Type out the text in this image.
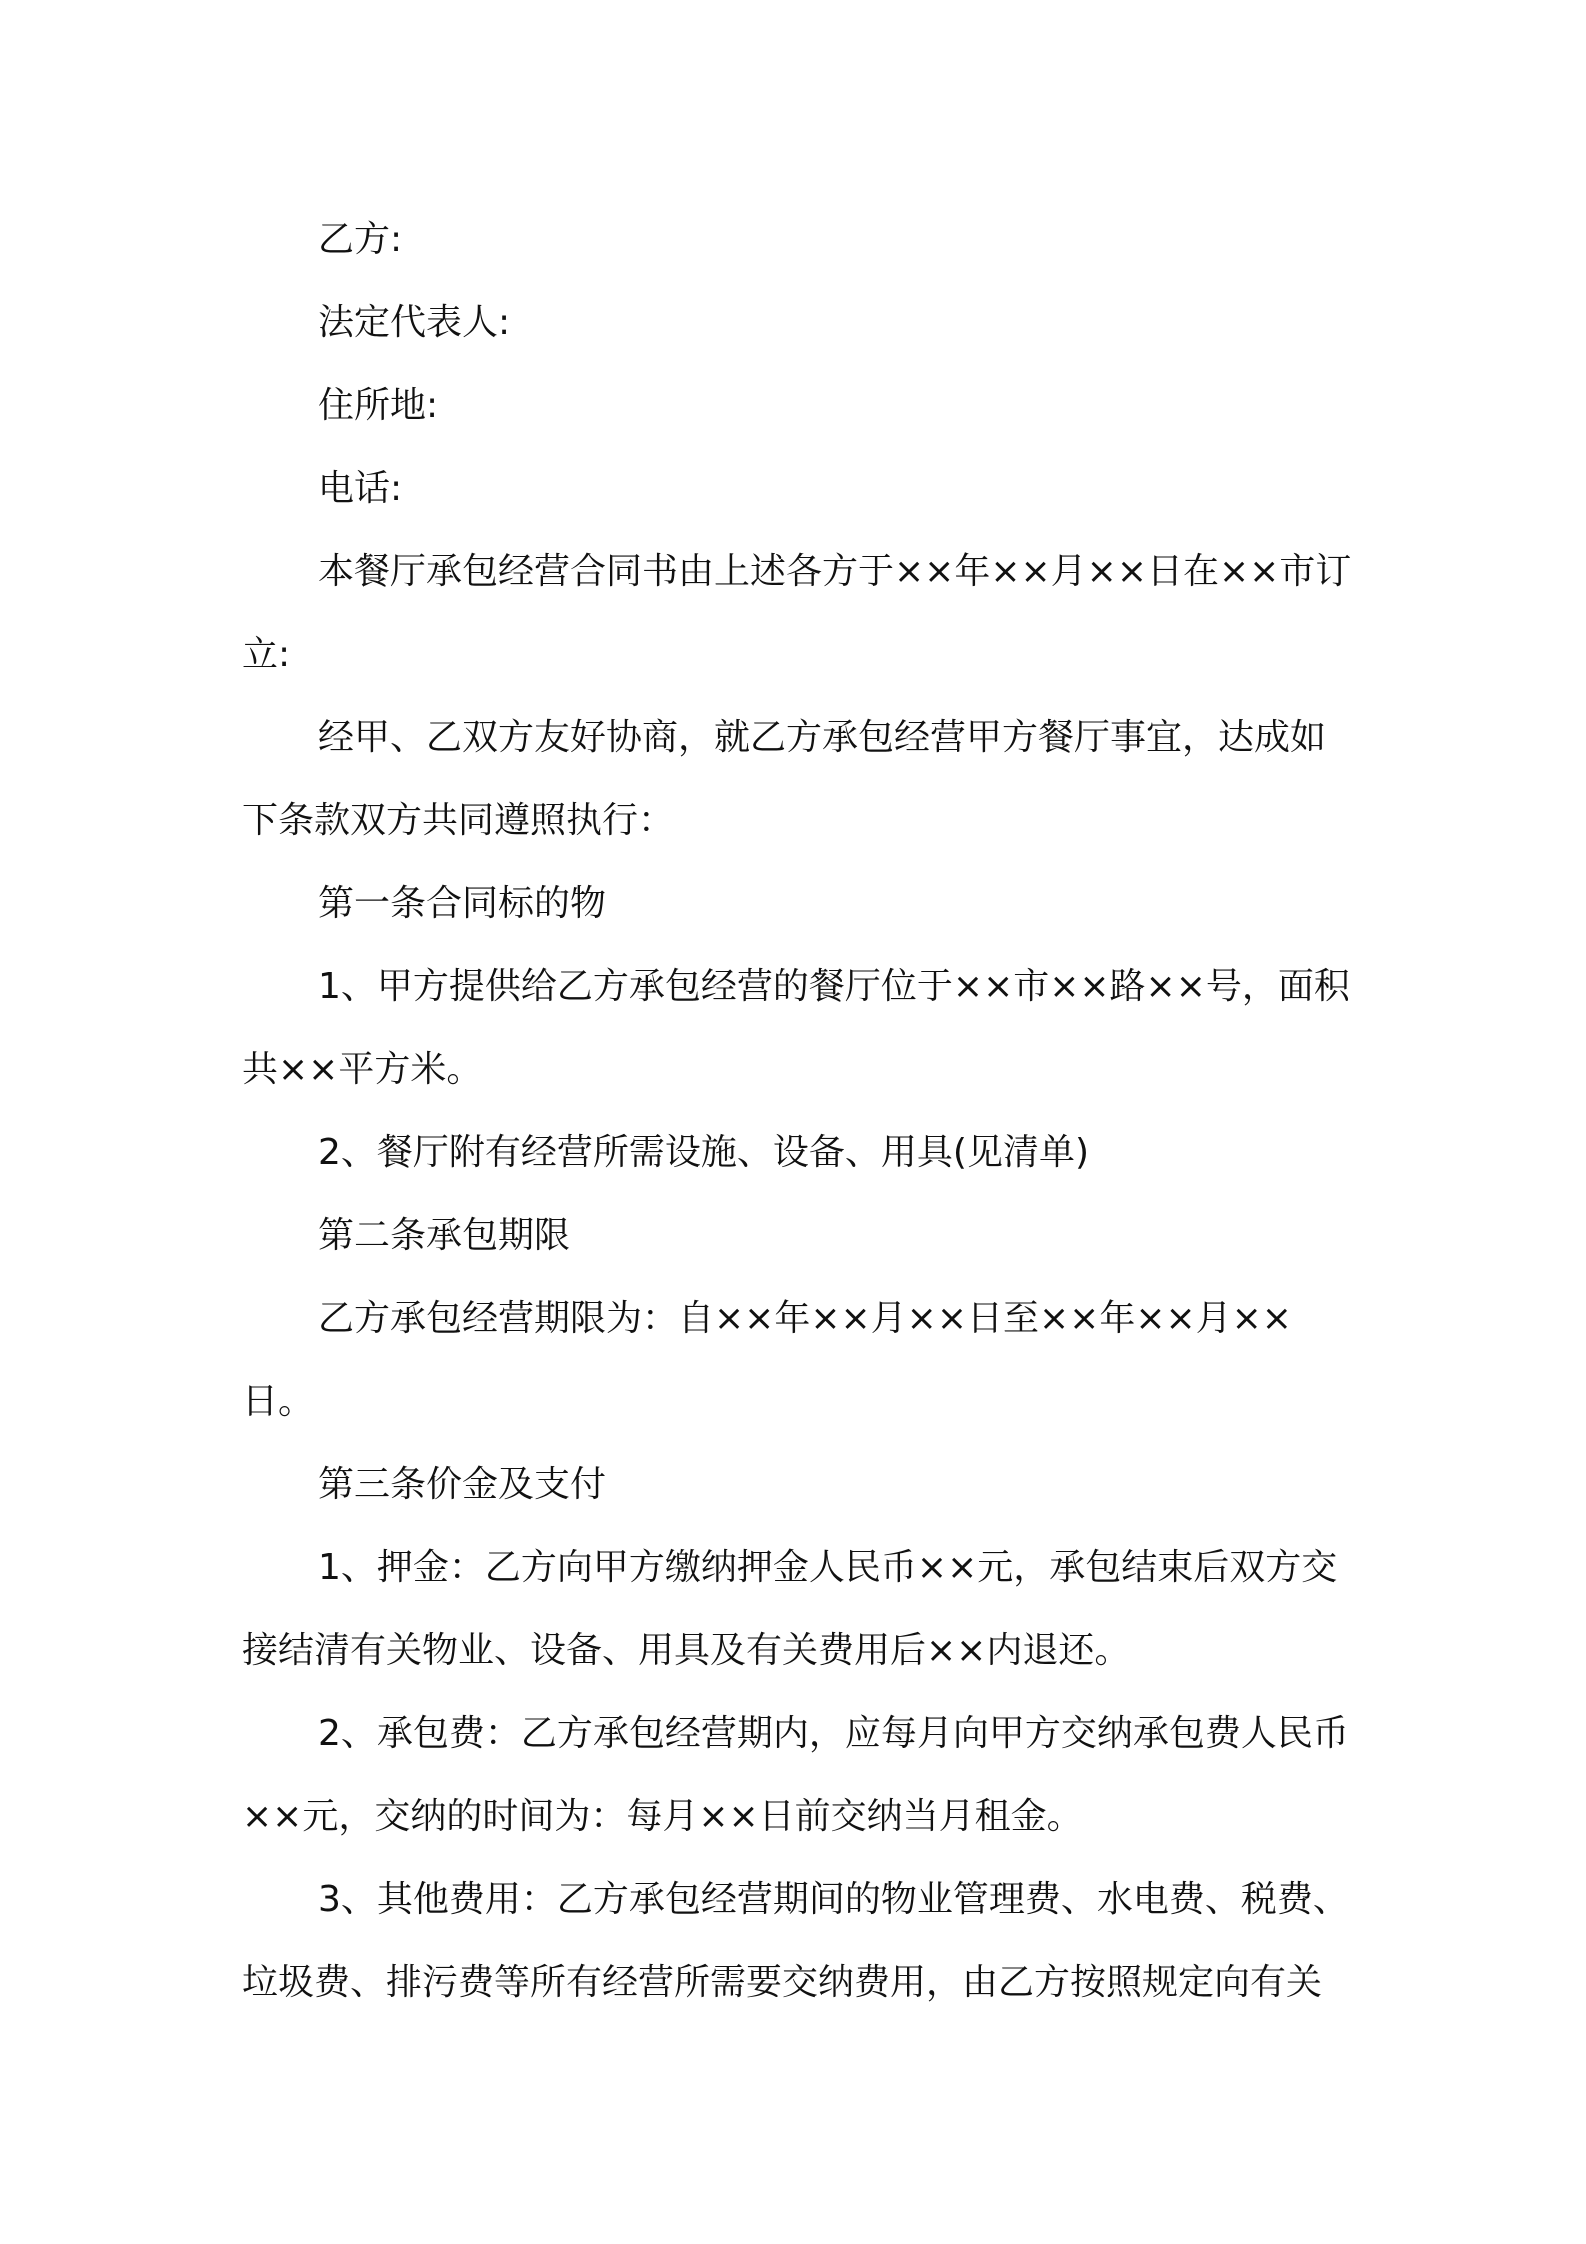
乙方:

法定代表人:

住所地:

电话:

本餐厅承包经营合同书由上述各方于××年××月××日在××市订立:

经甲、乙双方友好协商，就乙方承包经营甲方餐厅事宜，达成如下条款双方共同遵照执行：

第一条合同标的物

1、甲方提供给乙方承包经营的餐厅位于××市××路××号，面积共××平方米。

2、餐厅附有经营所需设施、设备、用具(见清单)

第二条承包期限

乙方承包经营期限为：自××年××月××日至××年××月××日。

第三条价金及支付

1、押金：乙方向甲方缴纳押金人民币××元，承包结束后双方交接结清有关物业、设备、用具及有关费用后××内退还。

2、承包费：乙方承包经营期内，应每月向甲方交纳承包费人民币××元，交纳的时间为：每月××日前交纳当月租金。

3、其他费用：乙方承包经营期间的物业管理费、水电费、税费、垃圾费、排污费等所有经营所需要交纳费用，由乙方按照规定向有关
